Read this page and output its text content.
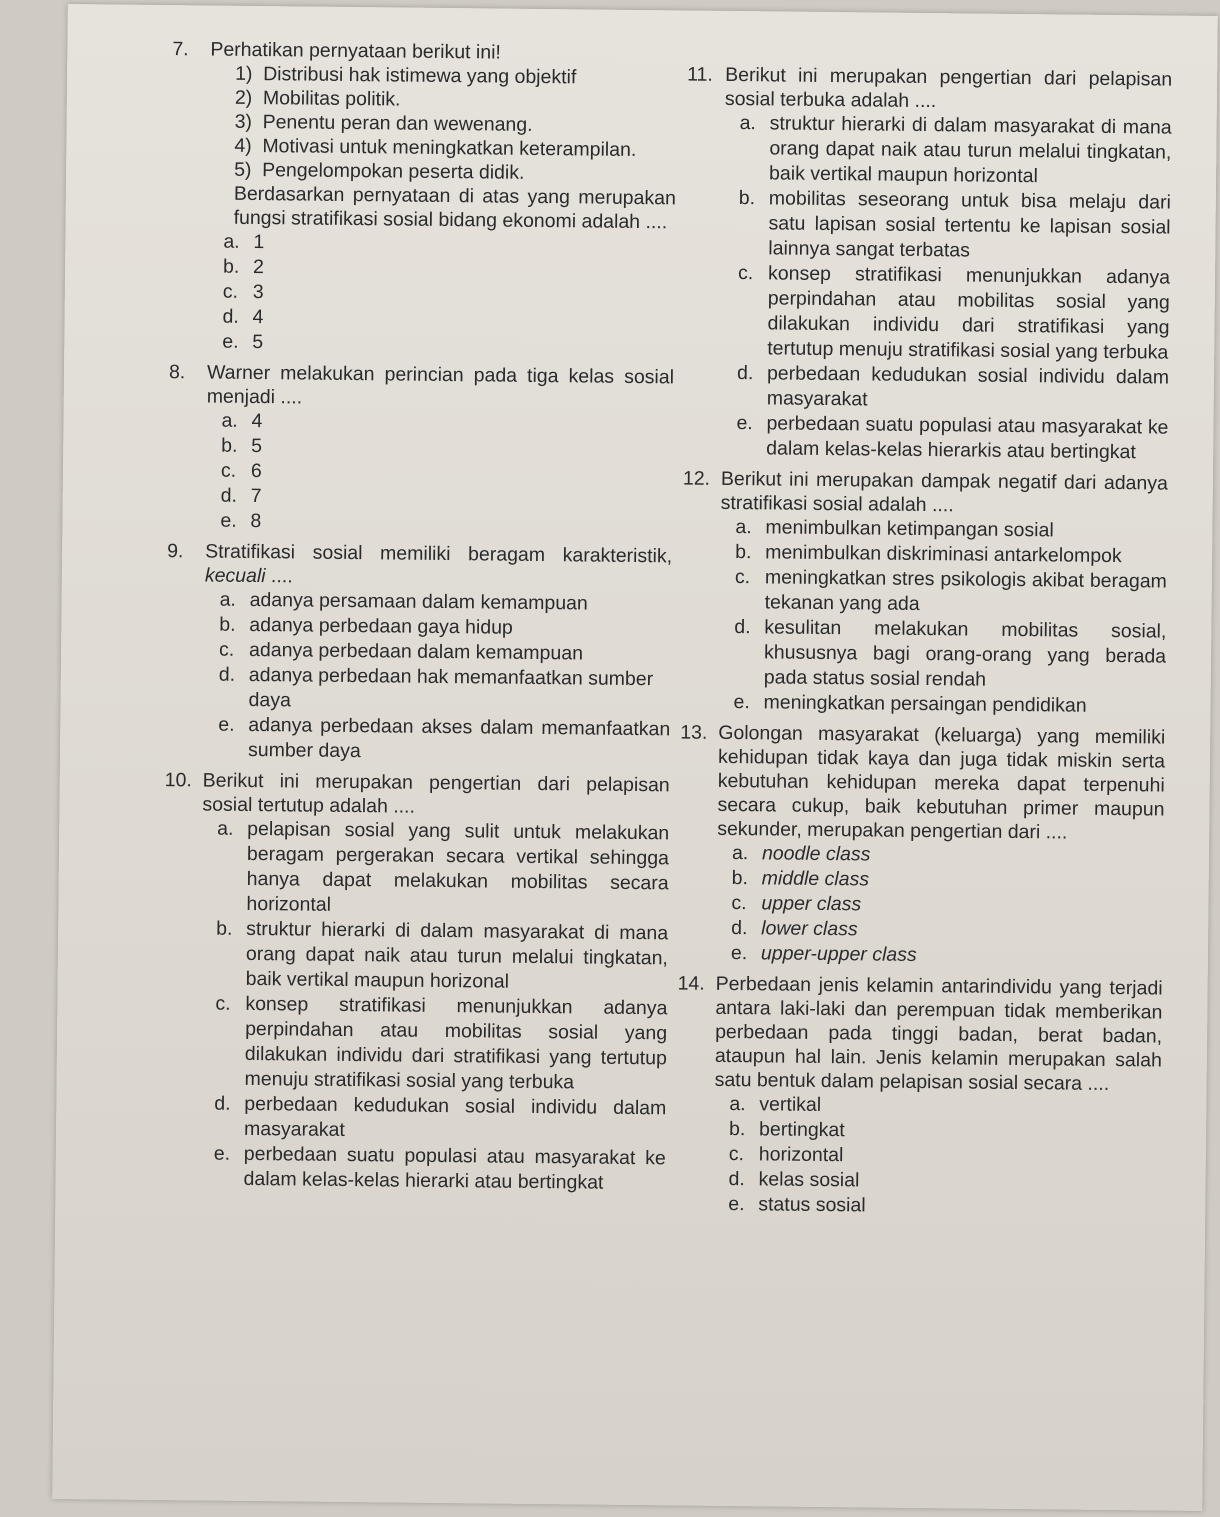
7. Perhatikan pernyataan berikut ini!

1) Distribusi hak istimewa yang objektif
2) Mobilitas politik.
3) Penentu peran dan wewenang.
4) Motivasi untuk meningkatkan keterampilan.
5) Pengelompokan peserta didik.

Berdasarkan pernyataan di atas yang merupakan fungsi stratifikasi sosial bidang ekonomi adalah ....

a. 1
b. 2
c. 3
d. 4
e. 5
8. Warner melakukan perincian pada tiga kelas sosial menjadi ....

a. 4
b. 5
c. 6
d. 7
e. 8
9. Stratifikasi sosial memiliki beragam karakteristik, kecuali ....

a. adanya persamaan dalam kemampuan
b. adanya perbedaan gaya hidup
c. adanya perbedaan dalam kemampuan
d. adanya perbedaan hak memanfaatkan sumber daya
e. adanya perbedaan akses dalam memanfaatkan sumber daya
10. Berikut ini merupakan pengertian dari pelapisan sosial tertutup adalah ....

a. pelapisan sosial yang sulit untuk melakukan beragam pergerakan secara vertikal sehingga hanya dapat melakukan mobilitas secara horizontal
b. struktur hierarki di dalam masyarakat di mana orang dapat naik atau turun melalui tingkatan, baik vertikal maupun horizonal
c. konsep stratifikasi menunjukkan adanya perpindahan atau mobilitas sosial yang dilakukan individu dari stratifikasi yang tertutup menuju stratifikasi sosial yang terbuka
d. perbedaan kedudukan sosial individu dalam masyarakat
e. perbedaan suatu populasi atau masyarakat ke dalam kelas-kelas hierarki atau bertingkat
11. Berikut ini merupakan pengertian dari pelapisan sosial terbuka adalah ....

a. struktur hierarki di dalam masyarakat di mana orang dapat naik atau turun melalui tingkatan, baik vertikal maupun horizontal
b. mobilitas seseorang untuk bisa melaju dari satu lapisan sosial tertentu ke lapisan sosial lainnya sangat terbatas
c. konsep stratifikasi menunjukkan adanya perpindahan atau mobilitas sosial yang dilakukan individu dari stratifikasi yang tertutup menuju stratifikasi sosial yang terbuka
d. perbedaan kedudukan sosial individu dalam masyarakat
e. perbedaan suatu populasi atau masyarakat ke dalam kelas-kelas hierarkis atau bertingkat
12. Berikut ini merupakan dampak negatif dari adanya stratifikasi sosial adalah ....

a. menimbulkan ketimpangan sosial
b. menimbulkan diskriminasi antarkelompok
c. meningkatkan stres psikologis akibat beragam tekanan yang ada
d. kesulitan melakukan mobilitas sosial, khususnya bagi orang-orang yang berada pada status sosial rendah
e. meningkatkan persaingan pendidikan
13. Golongan masyarakat (keluarga) yang memiliki kehidupan tidak kaya dan juga tidak miskin serta kebutuhan kehidupan mereka dapat terpenuhi secara cukup, baik kebutuhan primer maupun sekunder, merupakan pengertian dari ....

a. noodle class
b. middle class
c. upper class
d. lower class
e. upper-upper class
14. Perbedaan jenis kelamin antarindividu yang terjadi antara laki-laki dan perempuan tidak memberikan perbedaan pada tinggi badan, berat badan, ataupun hal lain. Jenis kelamin merupakan salah satu bentuk dalam pelapisan sosial secara ....

a. vertikal
b. bertingkat
c. horizontal
d. kelas sosial
e. status sosial
